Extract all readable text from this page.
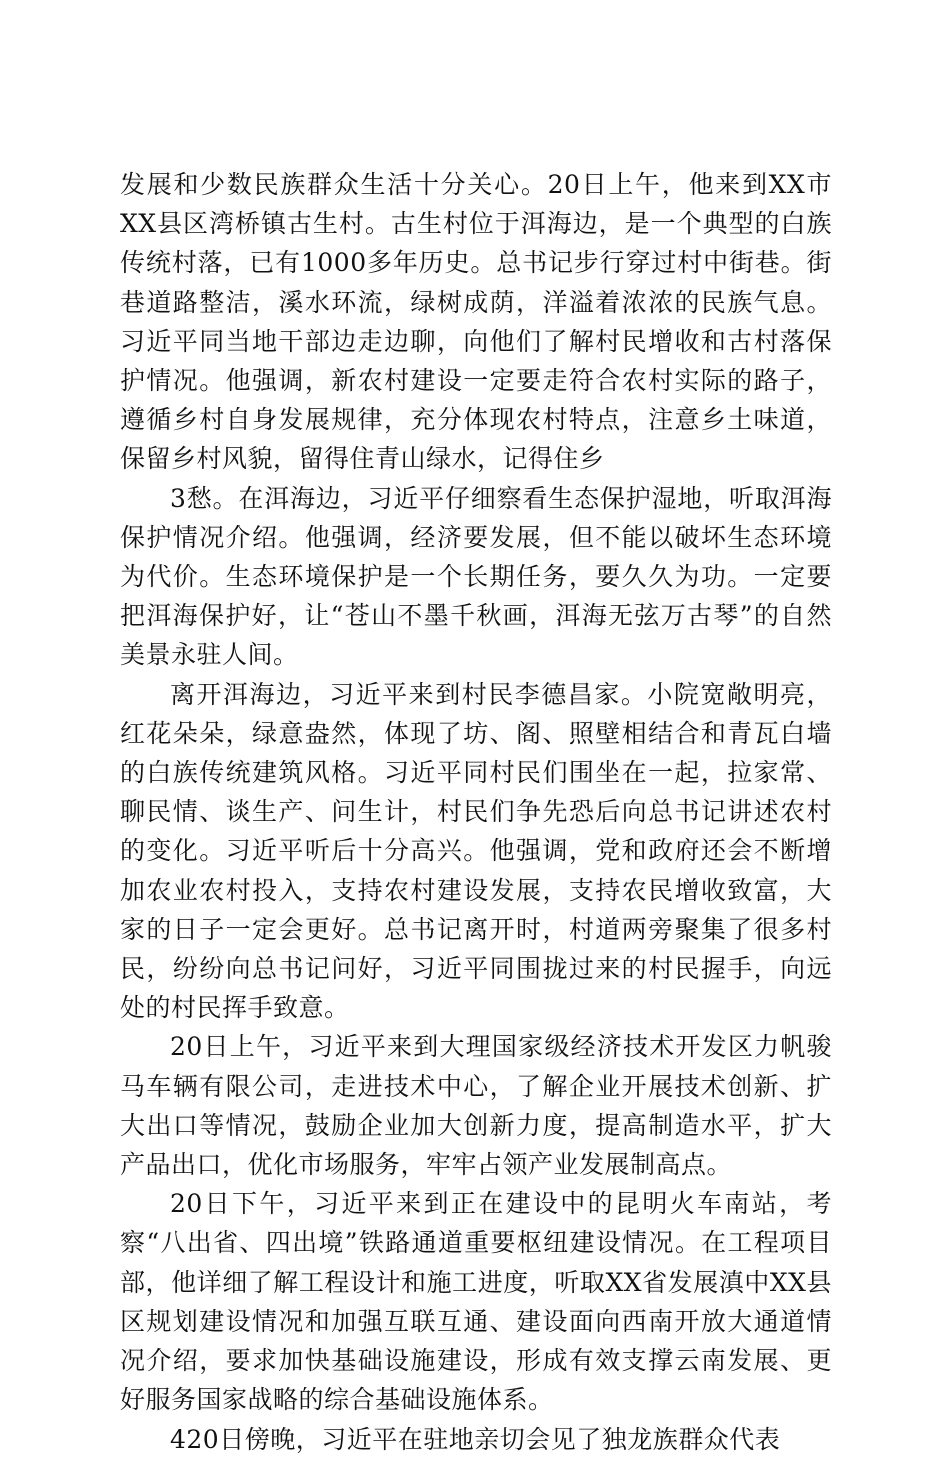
发展和少数民族群众生活十分关心。20日上午，他来到XX市XX县区湾桥镇古生村。古生村位于洱海边，是一个典型的白族传统村落，已有1000多年历史。总书记步行穿过村中街巷。街巷道路整洁，溪水环流，绿树成荫，洋溢着浓浓的民族气息。习近平同当地干部边走边聊，向他们了解村民增收和古村落保护情况。他强调，新农村建设一定要走符合农村实际的路子，遵循乡村自身发展规律，充分体现农村特点，注意乡土味道，保留乡村风貌，留得住青山绿水，记得住乡

3愁。在洱海边，习近平仔细察看生态保护湿地，听取洱海保护情况介绍。他强调，经济要发展，但不能以破坏生态环境为代价。生态环境保护是一个长期任务，要久久为功。一定要把洱海保护好，让“苍山不墨千秋画，洱海无弦万古琴”的自然美景永驻人间。

离开洱海边，习近平来到村民李德昌家。小院宽敞明亮，红花朵朵，绿意盎然，体现了坊、阁、照壁相结合和青瓦白墙的白族传统建筑风格。习近平同村民们围坐在一起，拉家常、聊民情、谈生产、问生计，村民们争先恐后向总书记讲述农村的变化。习近平听后十分高兴。他强调，党和政府还会不断增加农业农村投入，支持农村建设发展，支持农民增收致富，大家的日子一定会更好。总书记离开时，村道两旁聚集了很多村民，纷纷向总书记问好，习近平同围拢过来的村民握手，向远处的村民挥手致意。

20日上午，习近平来到大理国家级经济技术开发区力帆骏马车辆有限公司，走进技术中心，了解企业开展技术创新、扩大出口等情况，鼓励企业加大创新力度，提高制造水平，扩大产品出口，优化市场服务，牢牢占领产业发展制高点。

20日下午，习近平来到正在建设中的昆明火车南站，考察“八出省、四出境”铁路通道重要枢纽建设情况。在工程项目部，他详细了解工程设计和施工进度，听取XX省发展滇中XX县区规划建设情况和加强互联互通、建设面向西南开放大通道情况介绍，要求加快基础设施建设，形成有效支撑云南发展、更好服务国家战略的综合基础设施体系。

420日傍晚，习近平在驻地亲切会见了独龙族群众代表
